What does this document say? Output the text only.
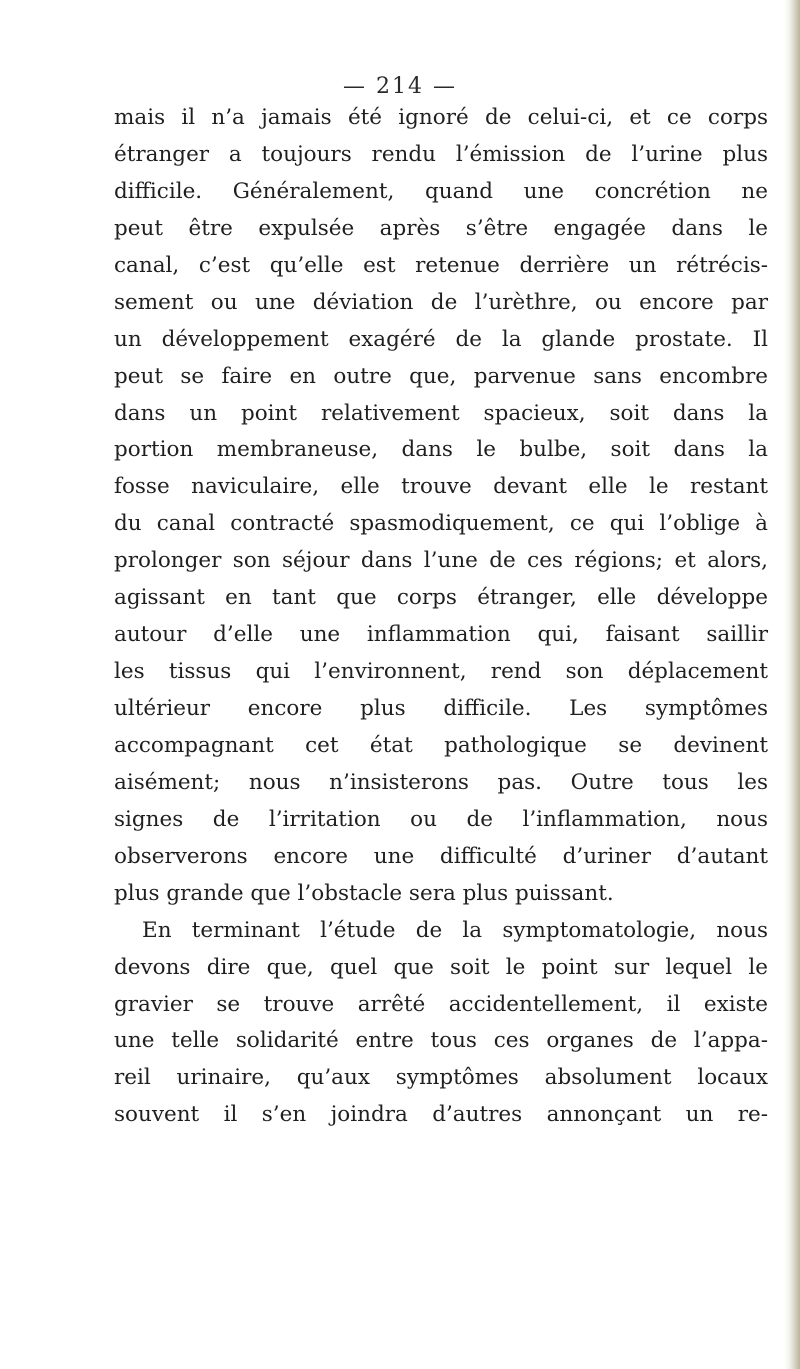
— 214 —

mais il n’a jamais été ignoré de celui-ci, et ce corps
étranger a toujours rendu l’émission de l’urine plus
difficile. Généralement, quand une concrétion ne
peut être expulsée après s’être engagée dans le
canal, c’est qu’elle est retenue derrière un rétrécis-
sement ou une déviation de l’urèthre, ou encore par
un développement exagéré de la glande prostate. Il
peut se faire en outre que, parvenue sans encombre
dans un point relativement spacieux, soit dans la
portion membraneuse, dans le bulbe, soit dans la
fosse naviculaire, elle trouve devant elle le restant
du canal contracté spasmodiquement, ce qui l’oblige à
prolonger son séjour dans l’une de ces régions; et alors,
agissant en tant que corps étranger, elle développe
autour d’elle une inflammation qui, faisant saillir
les tissus qui l’environnent, rend son déplacement
ultérieur encore plus difficile. Les symptômes
accompagnant cet état pathologique se devinent
aisément; nous n’insisterons pas. Outre tous les
signes de l’irritation ou de l’inflammation, nous
observerons encore une difficulté d’uriner d’autant
plus grande que l’obstacle sera plus puissant.
En terminant l’étude de la symptomatologie, nous
devons dire que, quel que soit le point sur lequel le
gravier se trouve arrêté accidentellement, il existe
une telle solidarité entre tous ces organes de l’appa-
reil urinaire, qu’aux symptômes absolument locaux
souvent il s’en joindra d’autres annonçant un re-
